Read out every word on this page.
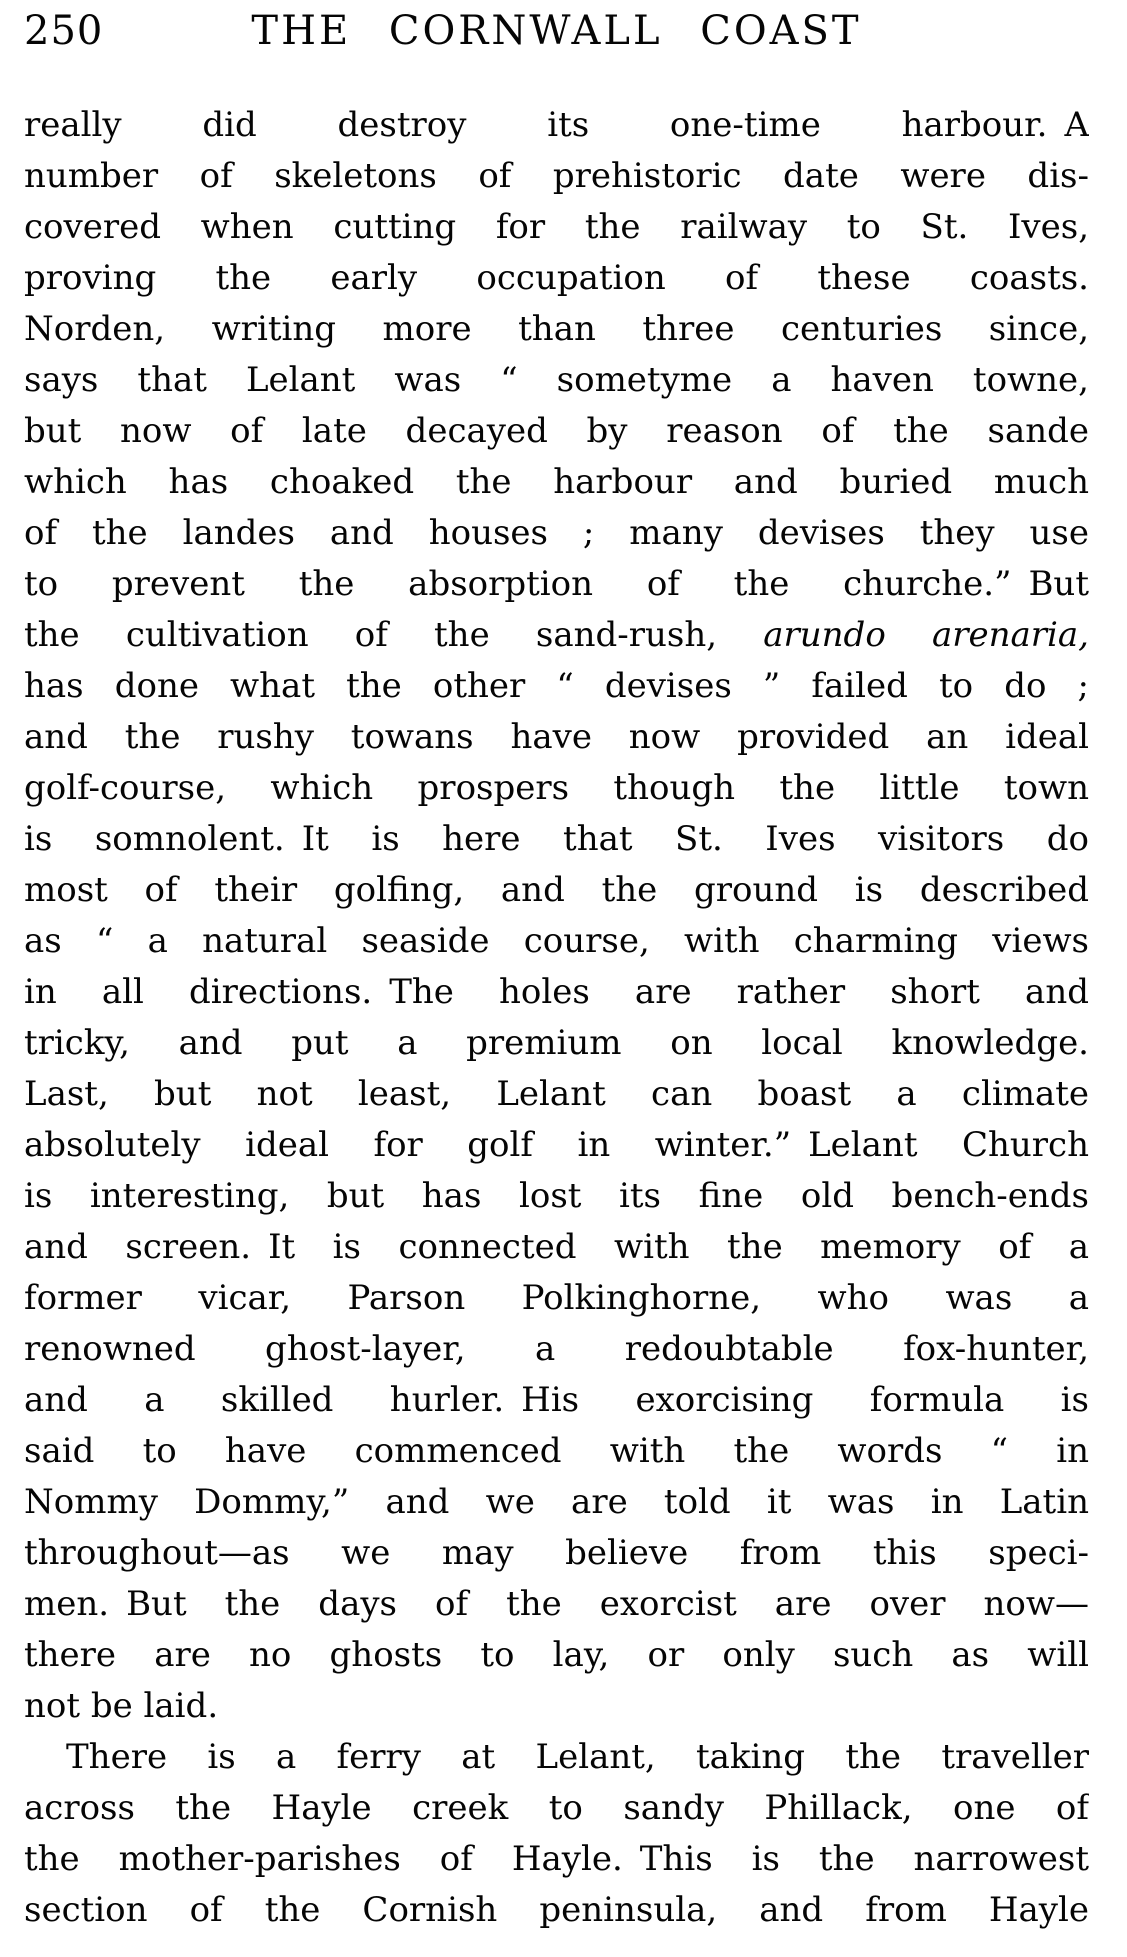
250	THE CORNWALL COAST
really did destroy its one-time harbour. A
number of skeletons of prehistoric date were dis-
covered when cutting for the railway to St. Ives,
proving the early occupation of these coasts.
Norden, writing more than three centuries since,
says that Lelant was “ sometyme a haven towne,
but now of late decayed by reason of the sande
which has choaked the harbour and buried much
of the landes and houses ; many devises they use
to prevent the absorption of the churche.” But
the cultivation of the sand-rush, arundo arenaria,
has done what the other “ devises ” failed to do ;
and the rushy towans have now provided an ideal
golf-course, which prospers though the little town
is somnolent. It is here that St. Ives visitors do
most of their golfing, and the ground is described
as “ a natural seaside course, with charming views
in all directions. The holes are rather short and
tricky, and put a premium on local knowledge.
Last, but not least, Lelant can boast a climate
absolutely ideal for golf in winter.” Lelant Church
is interesting, but has lost its fine old bench-ends
and screen. It is connected with the memory of a
former vicar, Parson Polkinghorne, who was a
renowned ghost-layer, a redoubtable fox-hunter,
and a skilled hurler. His exorcising formula is
said to have commenced with the words “ in
Nommy Dommy,” and we are told it was in Latin
throughout—as we may believe from this speci-
men. But the days of the exorcist are over now—
there are no ghosts to lay, or only such as will
not be laid.
There is a ferry at Lelant, taking the traveller
across the Hayle creek to sandy Phillack, one of
the mother-parishes of Hayle. This is the narrowest
section of the Cornish peninsula, and from Hayle
